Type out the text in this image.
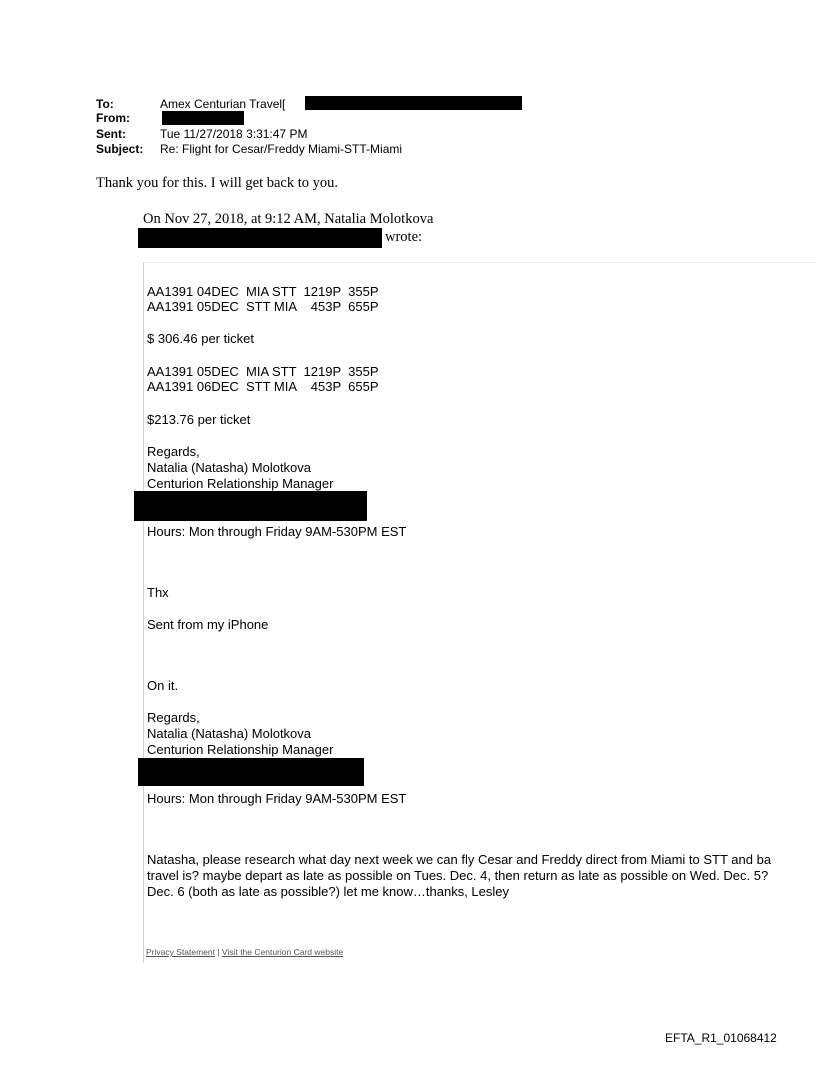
To:	Amex Centurian Travel[
From:
Sent:	Tue 11/27/2018 3:31:47 PM
Subject: Re: Flight for Cesar/Freddy Miami-STT-Miami
Thank you for this. I will get back to you.
On Nov 27, 2018, at 9:12 AM, Natalia Molotkova
wrote:
AA1391 04DEC  MIA STT  1219P  355P
AA1391 05DEC  STT MIA    453P  655P
$ 306.46 per ticket
AA1391 05DEC  MIA STT  1219P  355P
AA1391 06DEC  STT MIA    453P  655P
$213.76 per ticket
Regards,
Natalia (Natasha) Molotkova
Centurion Relationship Manager
Hours: Mon through Friday 9AM-530PM EST
Thx
Sent from my iPhone
On it.
Regards,
Natalia (Natasha) Molotkova
Centurion Relationship Manager
Hours: Mon through Friday 9AM-530PM EST
Natasha, please research what day next week we can fly Cesar and Freddy direct from Miami to STT and ba
travel is? maybe depart as late as possible on Tues. Dec. 4, then return as late as possible on Wed. Dec. 5?
Dec. 6 (both as late as possible?) let me know…thanks, Lesley
Privacy Statement | Visit the Centurion Card website
EFTA_R1_01068412
